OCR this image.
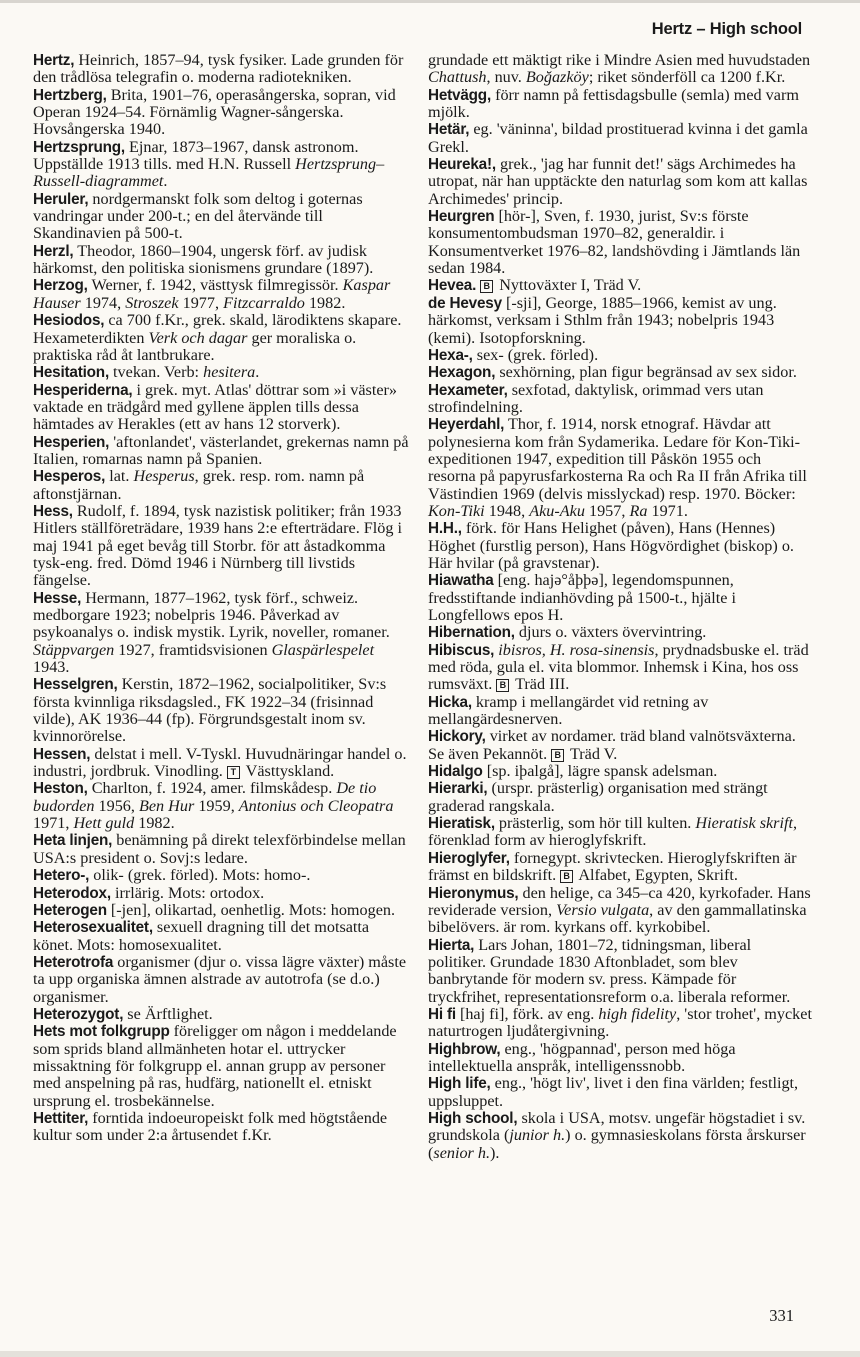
Hertz – High school

Hertz, Heinrich, 1857–94, tysk fysiker. Lade grunden för den trådlösa telegrafin o. moderna radiotekniken.

Hertzberg, Brita, 1901–76, operasångerska, sopran, vid Operan 1924–54. Förnämlig Wagner-sångerska. Hovsångerska 1940.

Hertzsprung, Ejnar, 1873–1967, dansk astronom. Uppställde 1913 tills. med H.N. Russell Hertzsprung–Russell-diagrammet.

Heruler, nordgermanskt folk som deltog i goternas vandringar under 200-t.; en del återvände till Skandinavien på 500-t.

Herzl, Theodor, 1860–1904, ungersk förf. av judisk härkomst, den politiska sionismens grundare (1897).

Herzog, Werner, f. 1942, västtysk filmregissör. Kaspar Hauser 1974, Stroszek 1977, Fitzcarraldo 1982.

Hesiodos, ca 700 f.Kr., grek. skald, lärodiktens skapare. Hexameterdikten Verk och dagar ger moraliska o. praktiska råd åt lantbrukare.

Hesitation, tvekan. Verb: hesitera.

Hesperiderna, i grek. myt. Atlas' döttrar som »i väster» vaktade en trädgård med gyllene äpplen tills dessa hämtades av Herakles (ett av hans 12 storverk).

Hesperien, 'aftonlandet', västerlandet, grekernas namn på Italien, romarnas namn på Spanien.

Hesperos, lat. Hesperus, grek. resp. rom. namn på aftonstjärnan.

Hess, Rudolf, f. 1894, tysk nazistisk politiker; från 1933 Hitlers ställföreträdare, 1939 hans 2:e efterträdare. Flög i maj 1941 på eget bevåg till Storbr. för att åstadkomma tysk-eng. fred. Dömd 1946 i Nürnberg till livstids fängelse.

Hesse, Hermann, 1877–1962, tysk förf., schweiz. medborgare 1923; nobelpris 1946. Påverkad av psykoanalys o. indisk mystik. Lyrik, noveller, romaner. Stäppvargen 1927, framtidsvisionen Glaspärlespelet 1943.

Hesselgren, Kerstin, 1872–1962, socialpolitiker, Sv:s första kvinnliga riksdagsled., FK 1922–34 (frisinnad vilde), AK 1936–44 (fp). Förgrundsgestalt inom sv. kvinnorörelse.

Hessen, delstat i mell. V-Tyskl. Huvudnäringar handel o. industri, jordbruk. Vinodling. T Västtyskland.

Heston, Charlton, f. 1924, amer. filmskådesp. De tio budorden 1956, Ben Hur 1959, Antonius och Cleopatra 1971, Hett guld 1982.

Heta linjen, benämning på direkt telexförbindelse mellan USA:s president o. Sovj:s ledare.

Hetero-, olik- (grek. förled). Mots: homo-.

Heterodox, irrlärig. Mots: ortodox.

Heterogen [-jen], olikartad, oenhetlig. Mots: homogen.

Heterosexualitet, sexuell dragning till det motsatta könet. Mots: homosexualitet.

Heterotrofa organismer (djur o. vissa lägre växter) måste ta upp organiska ämnen alstrade av autotrofa (se d.o.) organismer.

Heterozygot, se Ärftlighet.

Hets mot folkgrupp föreligger om någon i meddelande som sprids bland allmänheten hotar el. uttrycker missaktning för folkgrupp el. annan grupp av personer med anspelning på ras, hudfärg, nationellt el. etniskt ursprung el. trosbekännelse.

Hettiter, forntida indoeuropeiskt folk med högtstående kultur som under 2:a årtusendet f.Kr.

grundade ett mäktigt rike i Mindre Asien med huvudstaden Chattush, nuv. Boğazköy; riket sönderföll ca 1200 f.Kr.

Hetvägg, förr namn på fettisdagsbulle (semla) med varm mjölk.

Hetär, eg. 'väninna', bildad prostituerad kvinna i det gamla Grekl.

Heureka!, grek., 'jag har funnit det!' sägs Archimedes ha utropat, när han upptäckte den naturlag som kom att kallas Archimedes' princip.

Heurgren [hör-], Sven, f. 1930, jurist, Sv:s förste konsumentombudsman 1970–82, generaldir. i Konsumentverket 1976–82, landshövding i Jämtlands län sedan 1984.

Hevea. B Nyttoväxter I, Träd V.

de Hevesy [-sji], George, 1885–1966, kemist av ung. härkomst, verksam i Sthlm från 1943; nobelpris 1943 (kemi). Isotopforskning.

Hexa-, sex- (grek. förled).

Hexagon, sexhörning, plan figur begränsad av sex sidor.

Hexameter, sexfotad, daktylisk, orimmad vers utan strofindelning.

Heyerdahl, Thor, f. 1914, norsk etnograf. Hävdar att polynesierna kom från Sydamerika. Ledare för Kon-Tiki-expeditionen 1947, expedition till Påskön 1955 och resorna på papyrusfarkosterna Ra och Ra II från Afrika till Västindien 1969 (delvis misslyckad) resp. 1970. Böcker: Kon-Tiki 1948, Aku-Aku 1957, Ra 1971.

H.H., förk. för Hans Helighet (påven), Hans (Hennes) Höghet (furstlig person), Hans Högvördighet (biskop) o. Här hvilar (på gravstenar).

Hiawatha [eng. hajə°åþþə], legendomspunnen, fredsstiftande indianhövding på 1500-t., hjälte i Longfellows epos H.

Hibernation, djurs o. växters övervintring.

Hibiscus, ibisros, H. rosa-sinensis, prydnadsbuske el. träd med röda, gula el. vita blommor. Inhemsk i Kina, hos oss rumsväxt. B Träd III.

Hicka, kramp i mellangärdet vid retning av mellangärdesnerven.

Hickory, virket av nordamer. träd bland valnötsväxterna. Se även Pekannöt. B Träd V.

Hidalgo [sp. iþalgå], lägre spansk adelsman.

Hierarki, (urspr. prästerlig) organisation med strängt graderad rangskala.

Hieratisk, prästerlig, som hör till kulten. Hieratisk skrift, förenklad form av hieroglyfskrift.

Hieroglyfer, fornegypt. skrivtecken. Hieroglyfskriften är främst en bildskrift. B Alfabet, Egypten, Skrift.

Hieronymus, den helige, ca 345–ca 420, kyrkofader. Hans reviderade version, Versio vulgata, av den gammallatinska bibelövers. är rom. kyrkans off. kyrkobibel.

Hierta, Lars Johan, 1801–72, tidningsman, liberal politiker. Grundade 1830 Aftonbladet, som blev banbrytande för modern sv. press. Kämpade för tryckfrihet, representationsreform o.a. liberala reformer.

Hi fi [haj fi], förk. av eng. high fidelity, 'stor trohet', mycket naturtrogen ljudåtergivning.

Highbrow, eng., 'högpannad', person med höga intellektuella anspråk, intelligenssnobb.

High life, eng., 'högt liv', livet i den fina världen; festligt, uppsluppet.

High school, skola i USA, motsv. ungefär högstadiet i sv. grundskola (junior h.) o. gymnasieskolans första årskurser (senior h.).

331
